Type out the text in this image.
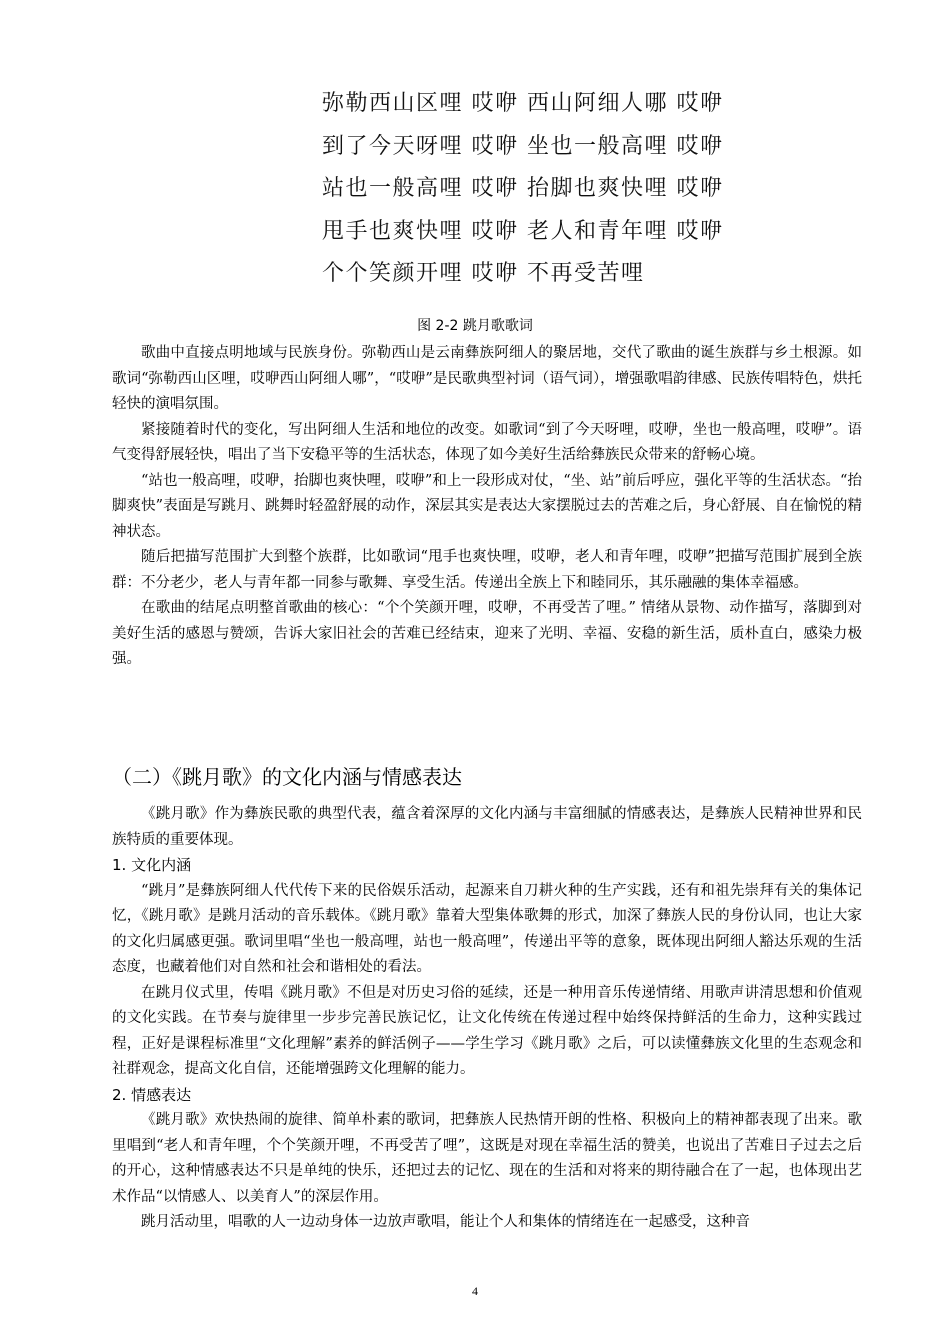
弥勒西山区哩 哎咿 西山阿细人哪 哎咿
到了今天呀哩 哎咿 坐也一般高哩 哎咿
站也一般高哩 哎咿 抬脚也爽快哩 哎咿
甩手也爽快哩 哎咿 老人和青年哩 哎咿
个个笑颜开哩 哎咿 不再受苦哩
图 2-2 跳月歌歌词

歌曲中直接点明地域与民族身份。弥勒西山是云南彝族阿细人的聚居地，交代了歌曲的诞生族群与乡土根源。如歌词“弥勒西山区哩，哎咿西山阿细人哪”，“哎咿”是民歌典型衬词（语气词），增强歌唱韵律感、民族传唱特色，烘托轻快的演唱氛围。

紧接随着时代的变化，写出阿细人生活和地位的改变。如歌词“到了今天呀哩，哎咿，坐也一般高哩，哎咿”。语气变得舒展轻快，唱出了当下安稳平等的生活状态，体现了如今美好生活给彝族民众带来的舒畅心境。

“站也一般高哩，哎咿，抬脚也爽快哩，哎咿”和上一段形成对仗，“坐、站”前后呼应，强化平等的生活状态。“抬脚爽快”表面是写跳月、跳舞时轻盈舒展的动作，深层其实是表达大家摆脱过去的苦难之后，身心舒展、自在愉悦的精神状态。

随后把描写范围扩大到整个族群，比如歌词“甩手也爽快哩，哎咿，老人和青年哩，哎咿”把描写范围扩展到全族群：不分老少，老人与青年都一同参与歌舞、享受生活。传递出全族上下和睦同乐，其乐融融的集体幸福感。

在歌曲的结尾点明整首歌曲的核心：“个个笑颜开哩，哎咿，不再受苦了哩。” 情绪从景物、动作描写，落脚到对美好生活的感恩与赞颂，告诉大家旧社会的苦难已经结束，迎来了光明、幸福、安稳的新生活，质朴直白，感染力极强。

（二）《跳月歌》的文化内涵与情感表达

《跳月歌》作为彝族民歌的典型代表，蕴含着深厚的文化内涵与丰富细腻的情感表达，是彝族人民精神世界和民族特质的重要体现。

1. 文化内涵

“跳月”是彝族阿细人代代传下来的民俗娱乐活动，起源来自刀耕火种的生产实践，还有和祖先崇拜有关的集体记忆，《跳月歌》是跳月活动的音乐载体。《跳月歌》靠着大型集体歌舞的形式，加深了彝族人民的身份认同，也让大家的文化归属感更强。歌词里唱“坐也一般高哩，站也一般高哩”，传递出平等的意象，既体现出阿细人豁达乐观的生活态度，也藏着他们对自然和社会和谐相处的看法。

在跳月仪式里，传唱《跳月歌》不但是对历史习俗的延续，还是一种用音乐传递情绪、用歌声讲清思想和价值观的文化实践。在节奏与旋律里一步步完善民族记忆，让文化传统在传递过程中始终保持鲜活的生命力，这种实践过程，正好是课程标准里“文化理解”素养的鲜活例子——学生学习《跳月歌》之后，可以读懂彝族文化里的生态观念和社群观念，提高文化自信，还能增强跨文化理解的能力。

2. 情感表达

《跳月歌》欢快热闹的旋律、简单朴素的歌词，把彝族人民热情开朗的性格、积极向上的精神都表现了出来。歌里唱到“老人和青年哩，个个笑颜开哩，不再受苦了哩”，这既是对现在幸福生活的赞美，也说出了苦难日子过去之后的开心，这种情感表达不只是单纯的快乐，还把过去的记忆、现在的生活和对将来的期待融合在了一起，也体现出艺术作品“以情感人、以美育人”的深层作用。

跳月活动里，唱歌的人一边动身体一边放声歌唱，能让个人和集体的情绪连在一起感受，这种音

4
